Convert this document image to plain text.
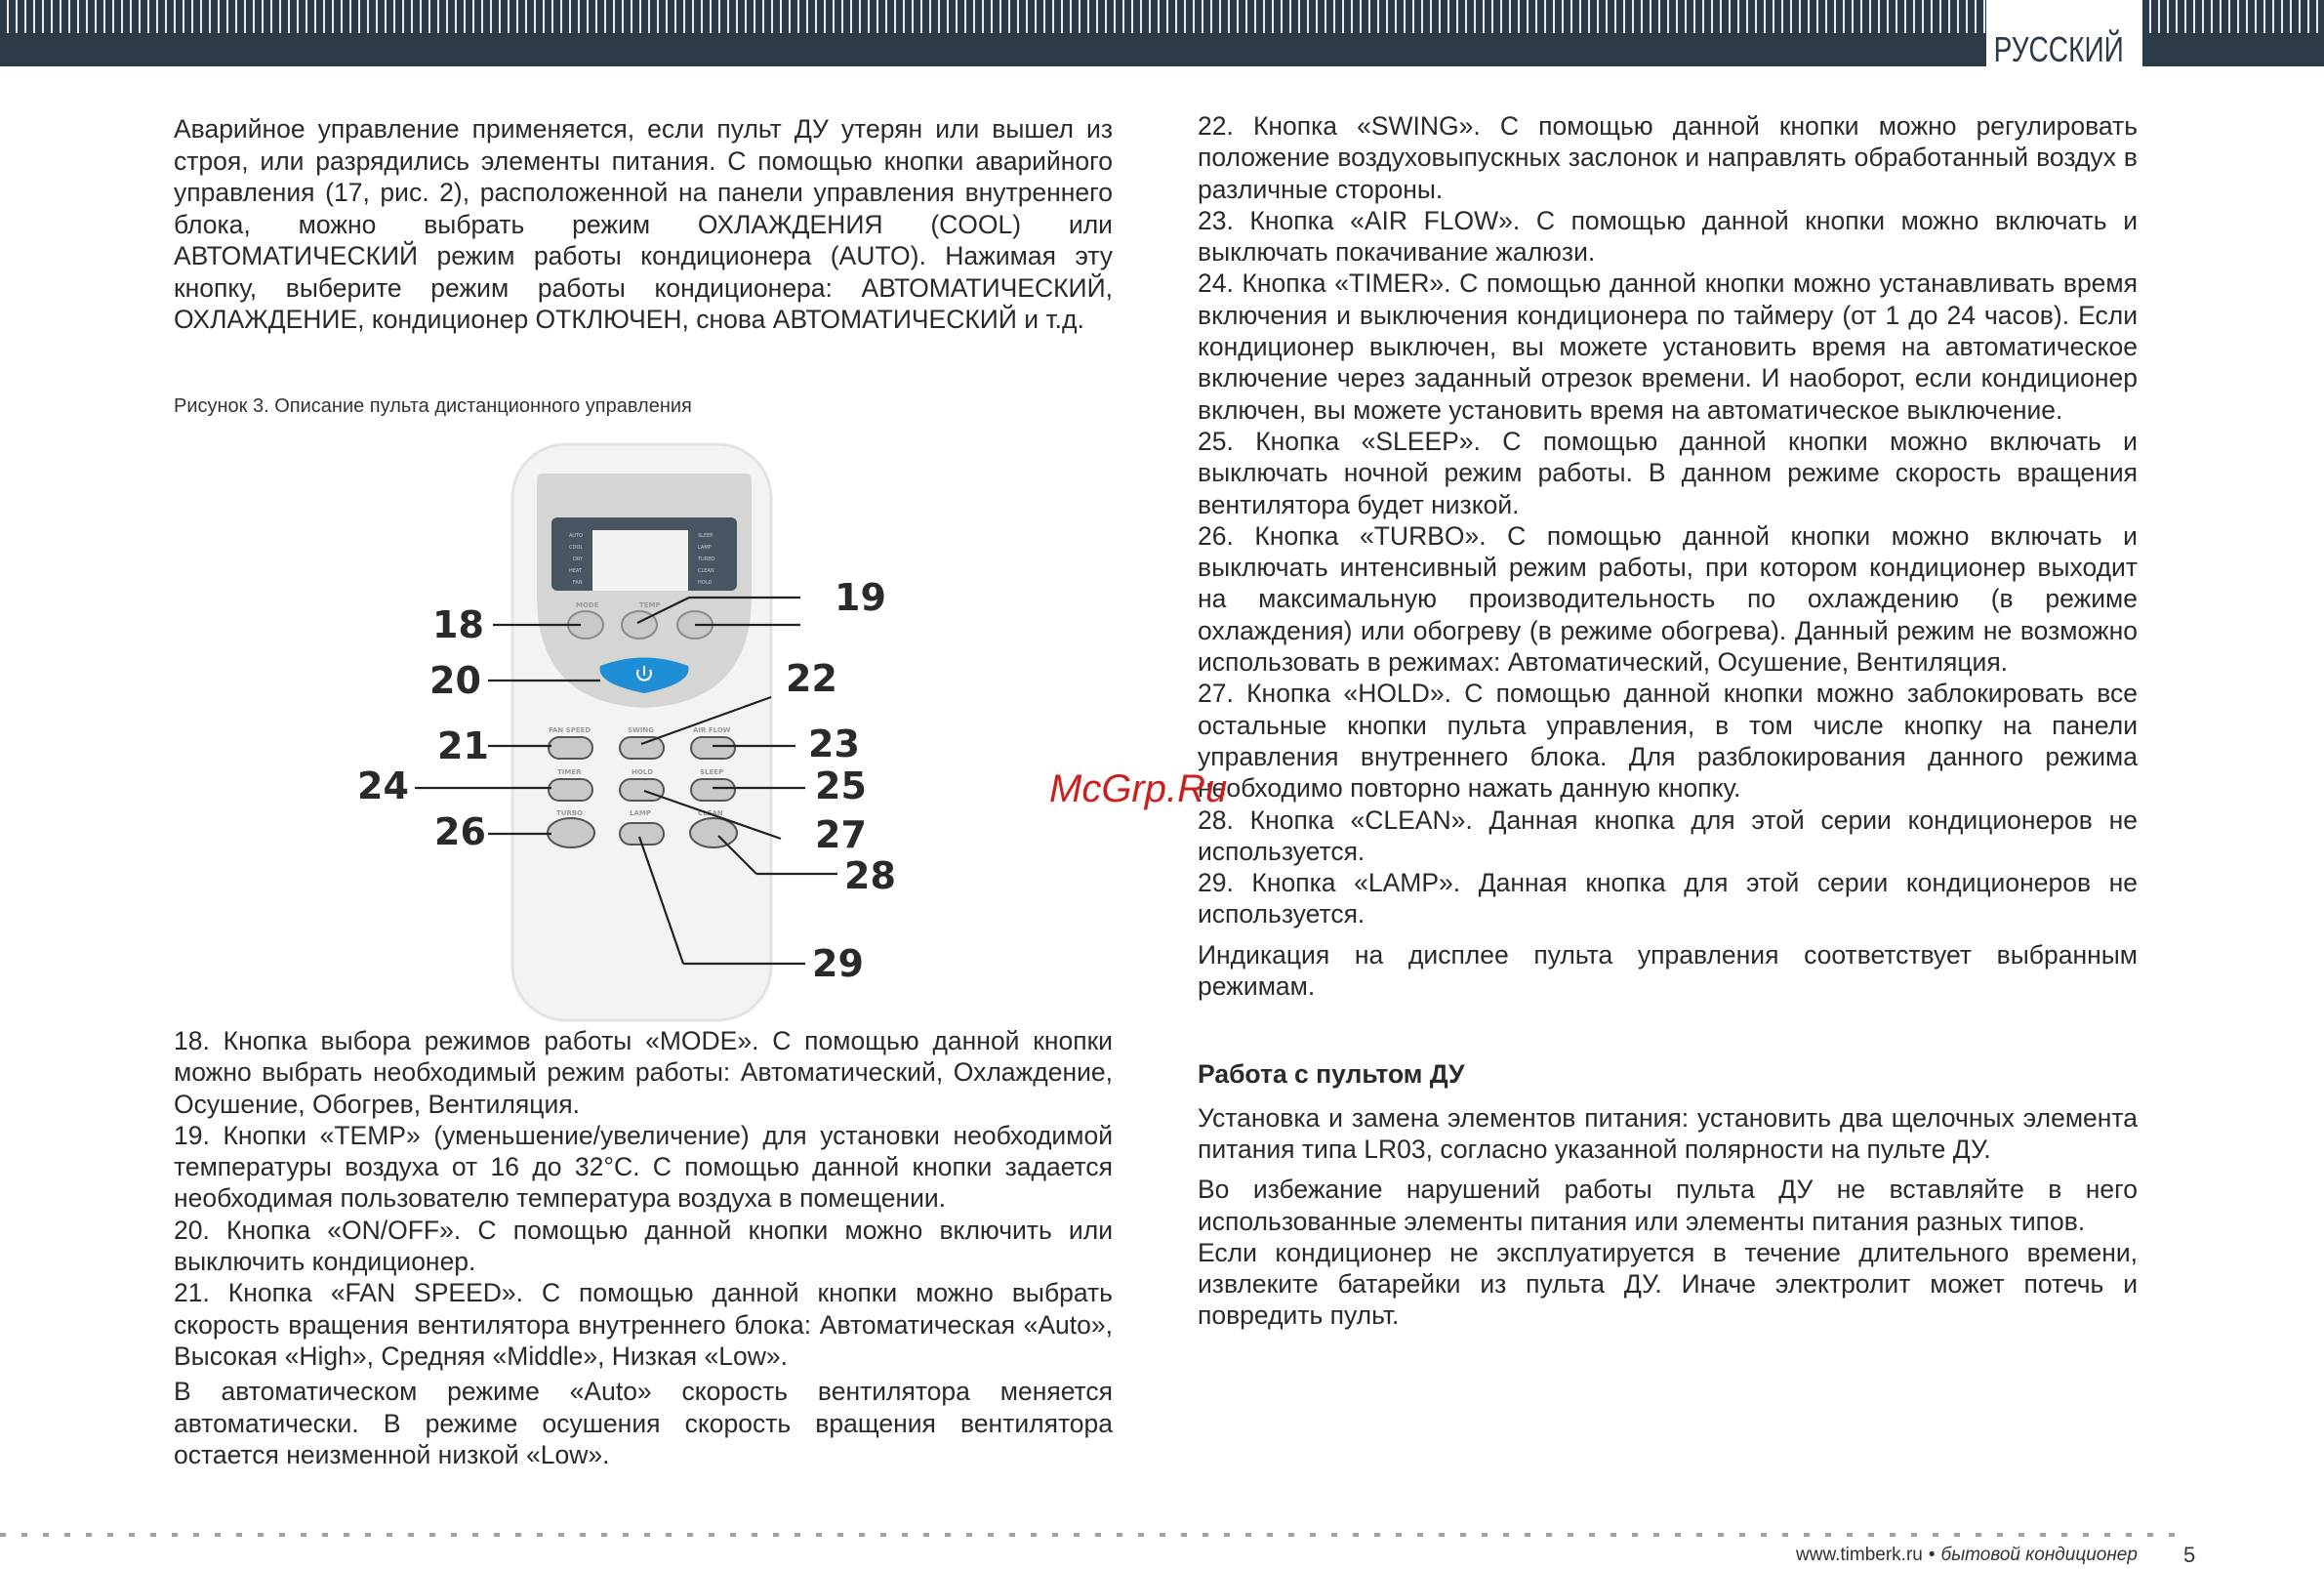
РУССКИЙ

Аварийное управление применяется, если пульт ДУ утерян или вышел из строя, или разрядились элементы питания. С помощью кнопки аварийного управления (17, рис. 2), расположенной на панели управления внутреннего блока, можно выбрать режим ОХЛАЖДЕНИЯ (COOL) или АВТОМАТИЧЕСКИЙ режим работы кондиционера (AUTO). Нажимая эту кнопку, выберите режим работы кондиционера: АВТОМАТИЧЕСКИЙ, ОХЛАЖДЕНИЕ, кондиционер ОТКЛЮЧЕН, снова АВТОМАТИЧЕСКИЙ и т.д.

Рисунок 3. Описание пульта дистанционного управления
AUTO
COOL
DRY
HEAT
FAN
SLEEP
LAMP
TURBO
CLEAN
HOLD
MODE	TEMP
FAN SPEED	SWING	AIR FLOW
TIMER	HOLD	SLEEP
TURBO	LAMP	CLEAN
18
19
20
21
22
23
24	25
26	27
28
29

18. Кнопка выбора режимов работы «MODE». С помощью данной кнопки можно выбрать необходимый режим работы: Автоматический, Охлаждение, Осушение, Обогрев, Вентиляция.

19. Кнопки «TEMP» (уменьшение/увеличение) для установки необходимой температуры воздуха от 16 до 32°С. С помощью данной кнопки задается необходимая пользователю температура воздуха в помещении.

20. Кнопка «ON/OFF». С помощью данной кнопки можно включить или выключить кондиционер.

21. Кнопка «FAN SPEED». С помощью данной кнопки можно выбрать скорость вращения вентилятора внутреннего блока: Автоматическая «Auto», Высокая «High», Средняя «Middle», Низкая «Low».

В автоматическом режиме «Auto» скорость вентилятора меняется автоматически. В режиме осушения скорость вращения вентилятора остается неизменной низкой «Low».

22. Кнопка «SWING». С помощью данной кнопки можно регулировать положение воздуховыпускных заслонок и направлять обработанный воздух в различные стороны.

23. Кнопка «AIR FLOW». С помощью данной кнопки можно включать и выключать покачивание жалюзи.

24. Кнопка «TIMER». С помощью данной кнопки можно устанавливать время включения и выключения кондиционера по таймеру (от 1 до 24 часов). Если кондиционер выключен, вы можете установить время на автоматическое включение через заданный отрезок времени. И наоборот, если кондиционер включен, вы можете установить время на автоматическое выключение.

25. Кнопка «SLEEP». С помощью данной кнопки можно включать и выключать ночной режим работы. В данном режиме скорость вращения вентилятора будет низкой.

26. Кнопка «TURBO». С помощью данной кнопки можно включать и выключать интенсивный режим работы, при котором кондиционер выходит на максимальную производительность по охлаждению (в режиме охлаждения) или обогреву (в режиме обогрева). Данный режим не возможно использовать в режимах: Автоматический, Осушение, Вентиляция.

27. Кнопка «HOLD». С помощью данной кнопки можно заблокировать все остальные кнопки пульта управления, в том числе кнопку на панели управления внутреннего блока. Для разблокирования данного режима необходимо повторно нажать данную кнопку.

28. Кнопка «CLEAN». Данная кнопка для этой серии кондиционеров не используется.

29. Кнопка «LAMP». Данная кнопка для этой серии кондиционеров не используется.

Индикация на дисплее пульта управления соответствует выбранным режимам.

Работа с пультом ДУ

Установка и замена элементов питания: установить два щелочных элемента питания типа LR03, согласно указанной полярности на пульте ДУ.

Во избежание нарушений работы пульта ДУ не вставляйте в него использованные элементы питания или элементы питания разных типов.

Если кондиционер не эксплуатируется в течение длительного времени, извлеките батарейки из пульта ДУ. Иначе электролит может потечь и повредить пульт.

McGrp.Ru
www.timberk.ru • бытовой кондиционер 5
